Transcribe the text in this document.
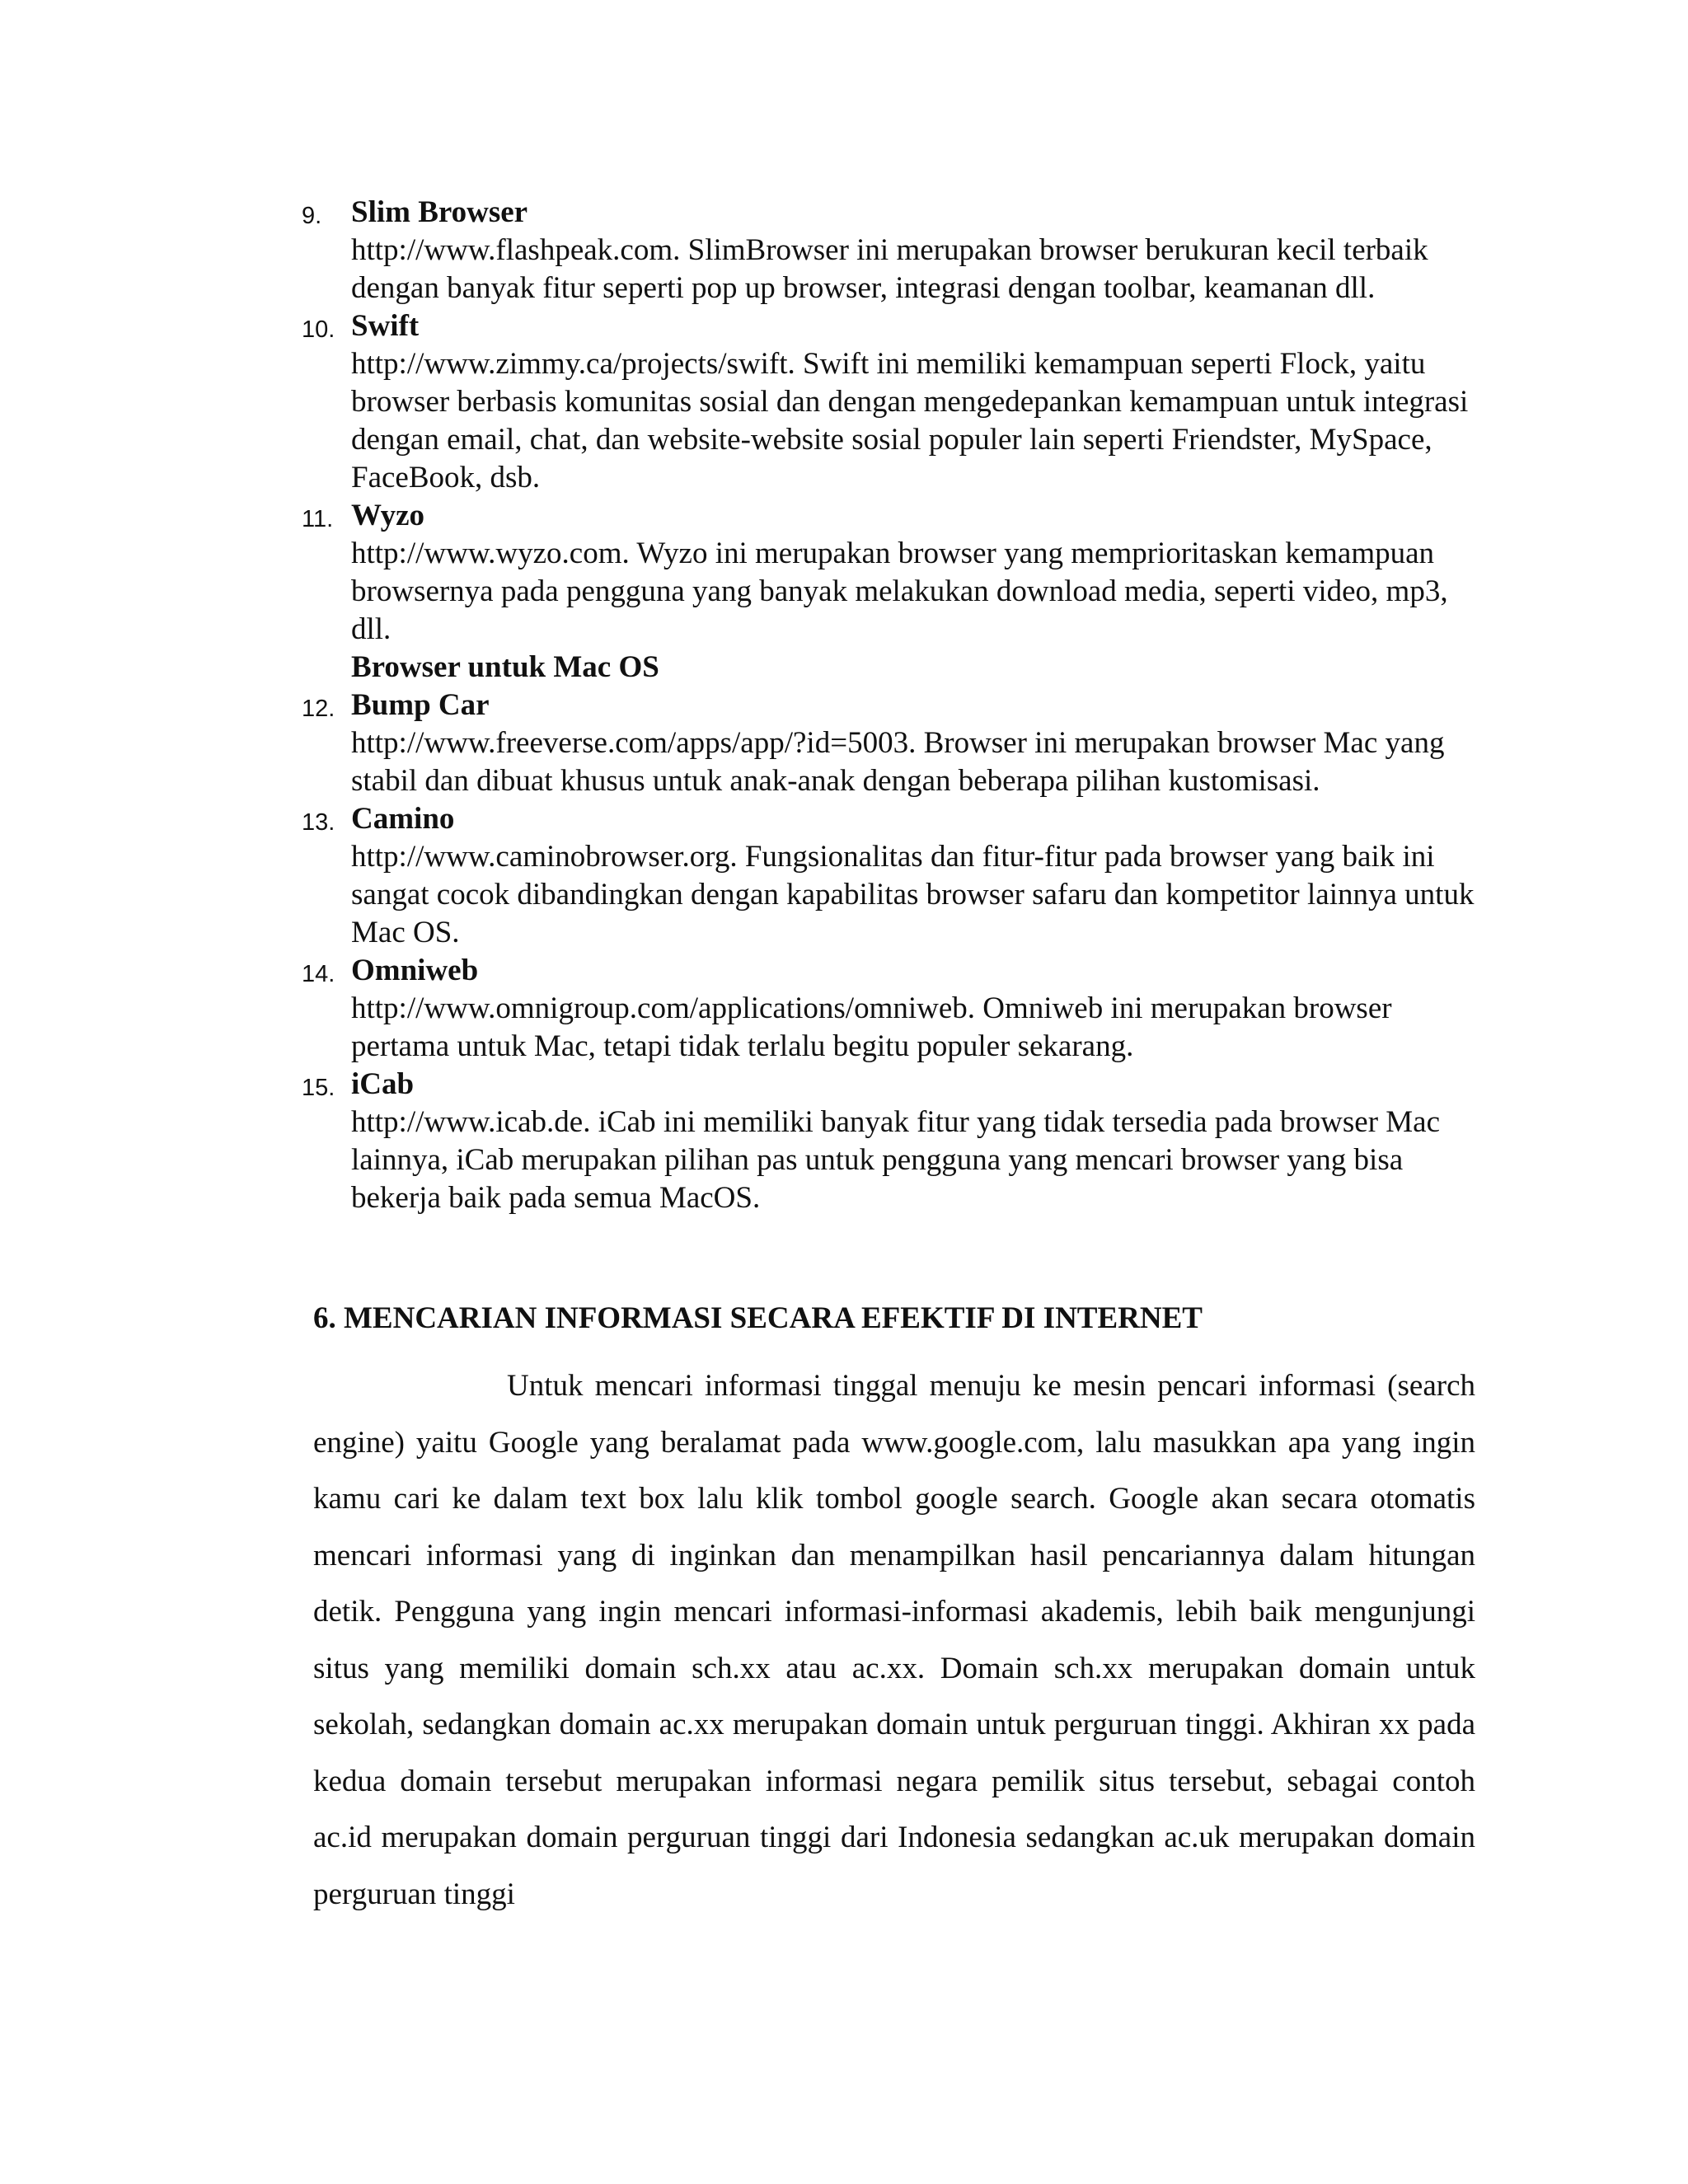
9. Slim Browser
http://www.flashpeak.com. SlimBrowser ini merupakan browser berukuran kecil terbaik dengan banyak fitur seperti pop up browser, integrasi dengan toolbar, keamanan dll.
10. Swift
http://www.zimmy.ca/projects/swift. Swift ini memiliki kemampuan seperti Flock, yaitu browser berbasis komunitas sosial dan dengan mengedepankan kemampuan untuk integrasi dengan email, chat, dan website-website sosial populer lain seperti Friendster, MySpace, FaceBook, dsb.
11. Wyzo
http://www.wyzo.com. Wyzo ini merupakan browser yang memprioritaskan kemampuan browsernya pada pengguna yang banyak melakukan download media, seperti video, mp3, dll.
Browser untuk Mac OS
12. Bump Car
http://www.freeverse.com/apps/app/?id=5003. Browser ini merupakan browser Mac yang stabil dan dibuat khusus untuk anak-anak dengan beberapa pilihan kustomisasi.
13. Camino
http://www.caminobrowser.org. Fungsionalitas dan fitur-fitur pada browser yang baik ini sangat cocok dibandingkan dengan kapabilitas browser safaru dan kompetitor lainnya untuk Mac OS.
14. Omniweb
http://www.omnigroup.com/applications/omniweb. Omniweb ini merupakan browser pertama untuk Mac, tetapi tidak terlalu begitu populer sekarang.
15. iCab
http://www.icab.de. iCab ini memiliki banyak fitur yang tidak tersedia pada browser Mac lainnya, iCab merupakan pilihan pas untuk pengguna yang mencari browser yang bisa bekerja baik pada semua MacOS.
6. MENCARIAN INFORMASI SECARA EFEKTIF DI INTERNET

Untuk mencari informasi tinggal menuju ke mesin pencari informasi (search engine) yaitu Google yang beralamat pada www.google.com, lalu masukkan apa yang ingin kamu cari ke dalam text box lalu klik tombol google search. Google akan secara otomatis mencari informasi yang di inginkan dan menampilkan hasil pencariannya dalam hitungan detik. Pengguna yang ingin mencari informasi-informasi akademis, lebih baik mengunjungi situs yang memiliki domain sch.xx atau ac.xx. Domain sch.xx merupakan domain untuk sekolah, sedangkan domain ac.xx merupakan domain untuk perguruan tinggi. Akhiran xx pada kedua domain tersebut merupakan informasi negara pemilik situs tersebut, sebagai contoh ac.id merupakan domain perguruan tinggi dari Indonesia sedangkan ac.uk merupakan domain perguruan tinggi
